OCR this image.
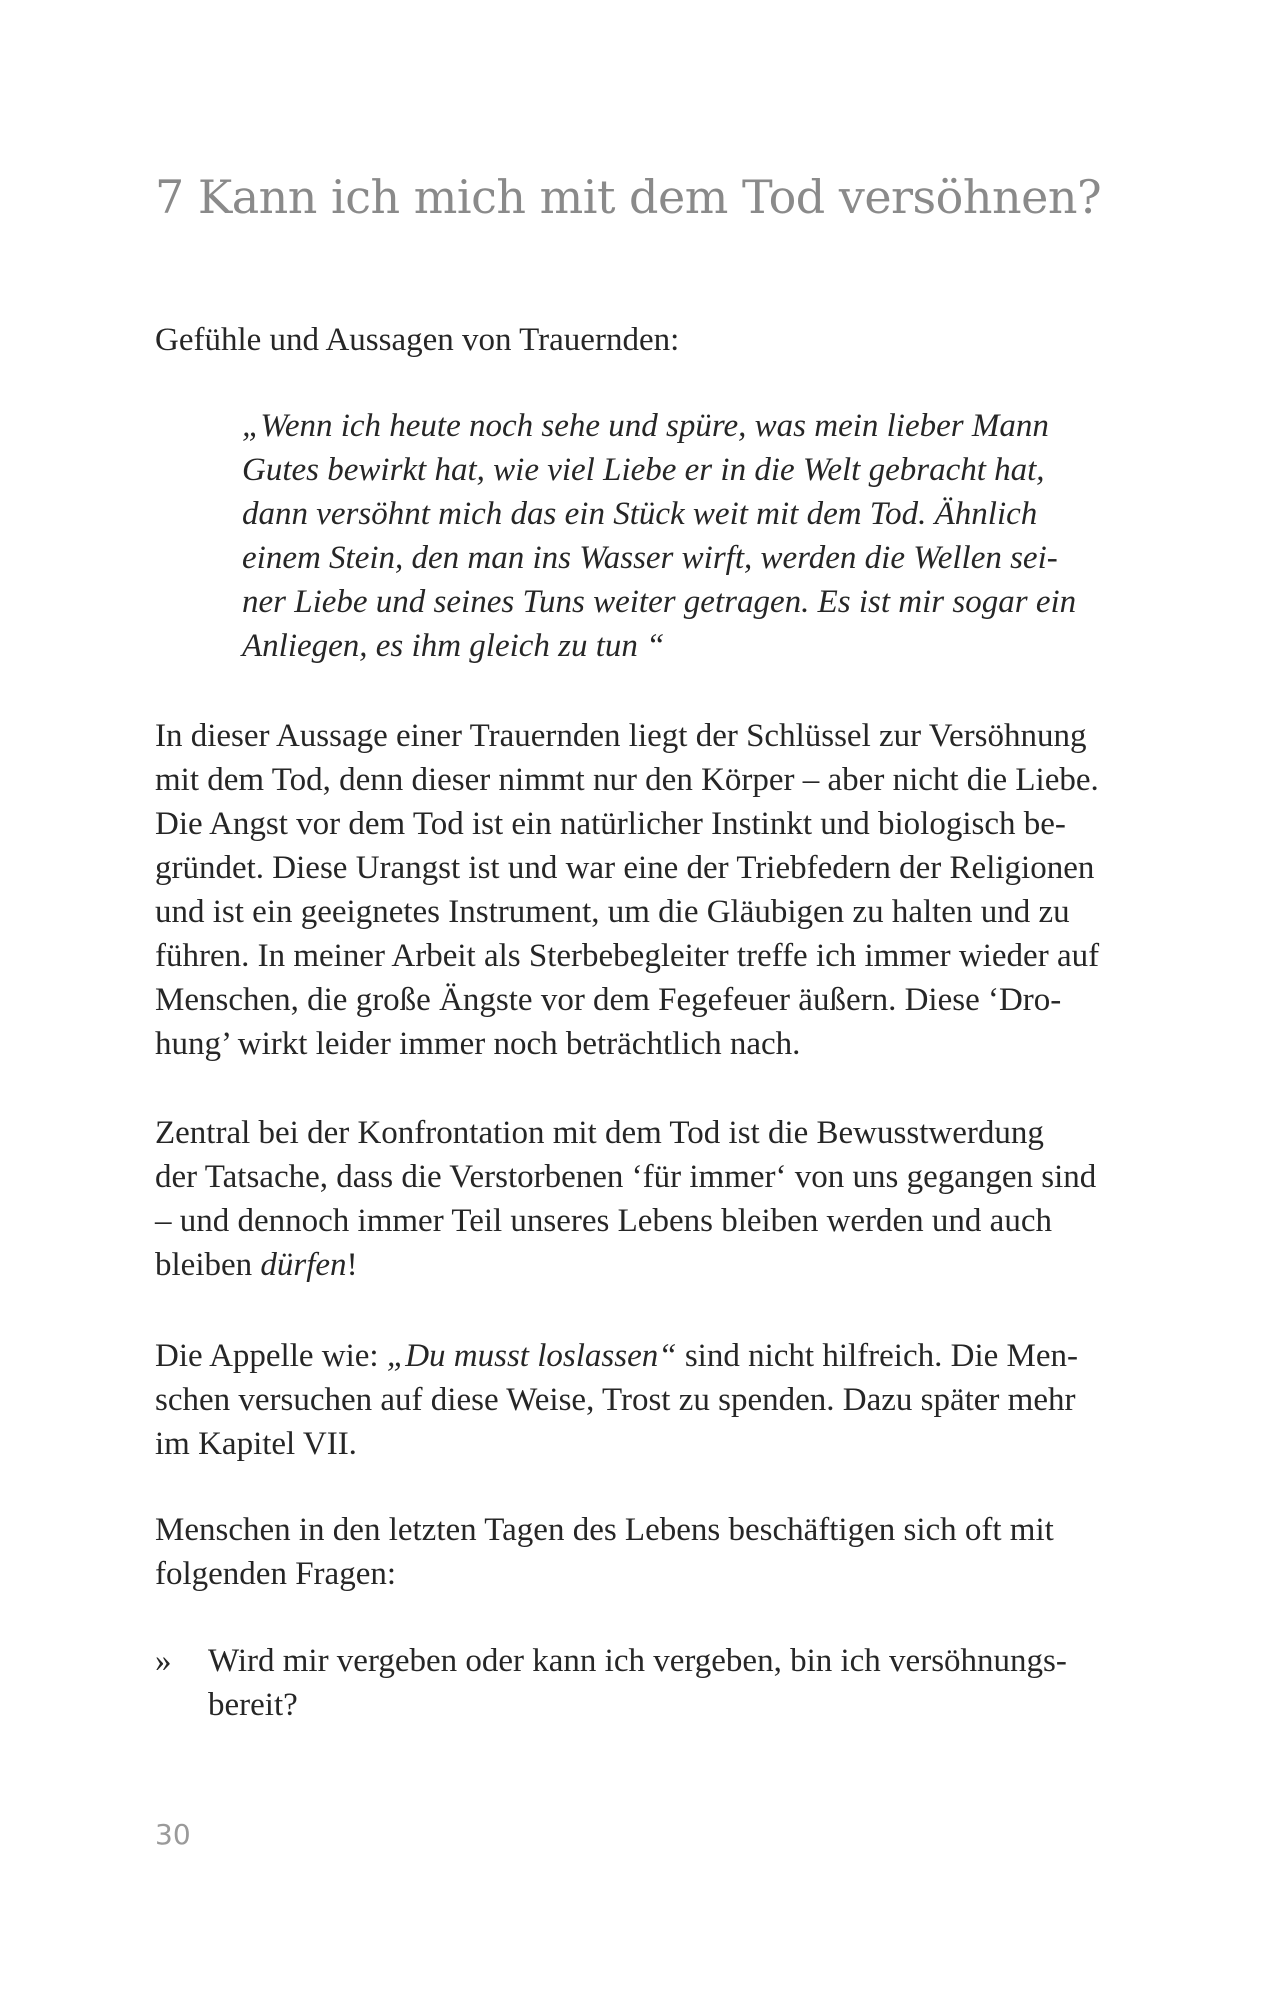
7 Kann ich mich mit dem Tod versöhnen?

Gefühle und Aussagen von Trauernden:

„Wenn ich heute noch sehe und spüre, was mein lieber Mann
Gutes bewirkt hat, wie viel Liebe er in die Welt gebracht hat,
dann versöhnt mich das ein Stück weit mit dem Tod. Ähnlich
einem Stein, den man ins Wasser wirft, werden die Wellen sei-
ner Liebe und seines Tuns weiter getragen. Es ist mir sogar ein
Anliegen, es ihm gleich zu tun “

In dieser Aussage einer Trauernden liegt der Schlüssel zur Versöhnung
mit dem Tod, denn dieser nimmt nur den Körper – aber nicht die Liebe.
Die Angst vor dem Tod ist ein natürlicher Instinkt und biologisch be-
gründet. Diese Urangst ist und war eine der Triebfedern der Religionen
und ist ein geeignetes Instrument, um die Gläubigen zu halten und zu
führen. In meiner Arbeit als Sterbebegleiter treffe ich immer wieder auf
Menschen, die große Ängste vor dem Fegefeuer äußern. Diese ‘Dro-
hung’ wirkt leider immer noch beträchtlich nach.

Zentral bei der Konfrontation mit dem Tod ist die Bewusstwerdung
der Tatsache, dass die Verstorbenen ‘für immer‘ von uns gegangen sind
– und dennoch immer Teil unseres Lebens bleiben werden und auch
bleiben dürfen!

Die Appelle wie: „Du musst loslassen“ sind nicht hilfreich. Die Men-
schen versuchen auf diese Weise, Trost zu spenden. Dazu später mehr
im Kapitel VII.

Menschen in den letzten Tagen des Lebens beschäftigen sich oft mit
folgenden Fragen:

» Wird mir vergeben oder kann ich vergeben, bin ich versöhnungs-
bereit?
30
